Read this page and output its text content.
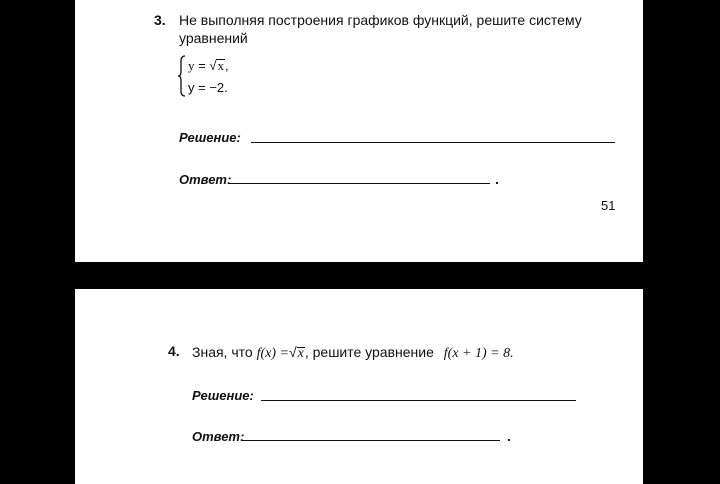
3. Не выполняя построения графиков функций, решите систему
уравнений
y = √x,
y = −2.
Решение:
Ответ:	.
51
4. Зная, что f(x) =√x, решите уравнение f(x + 1) = 8.
Решение:
Ответ:	.
